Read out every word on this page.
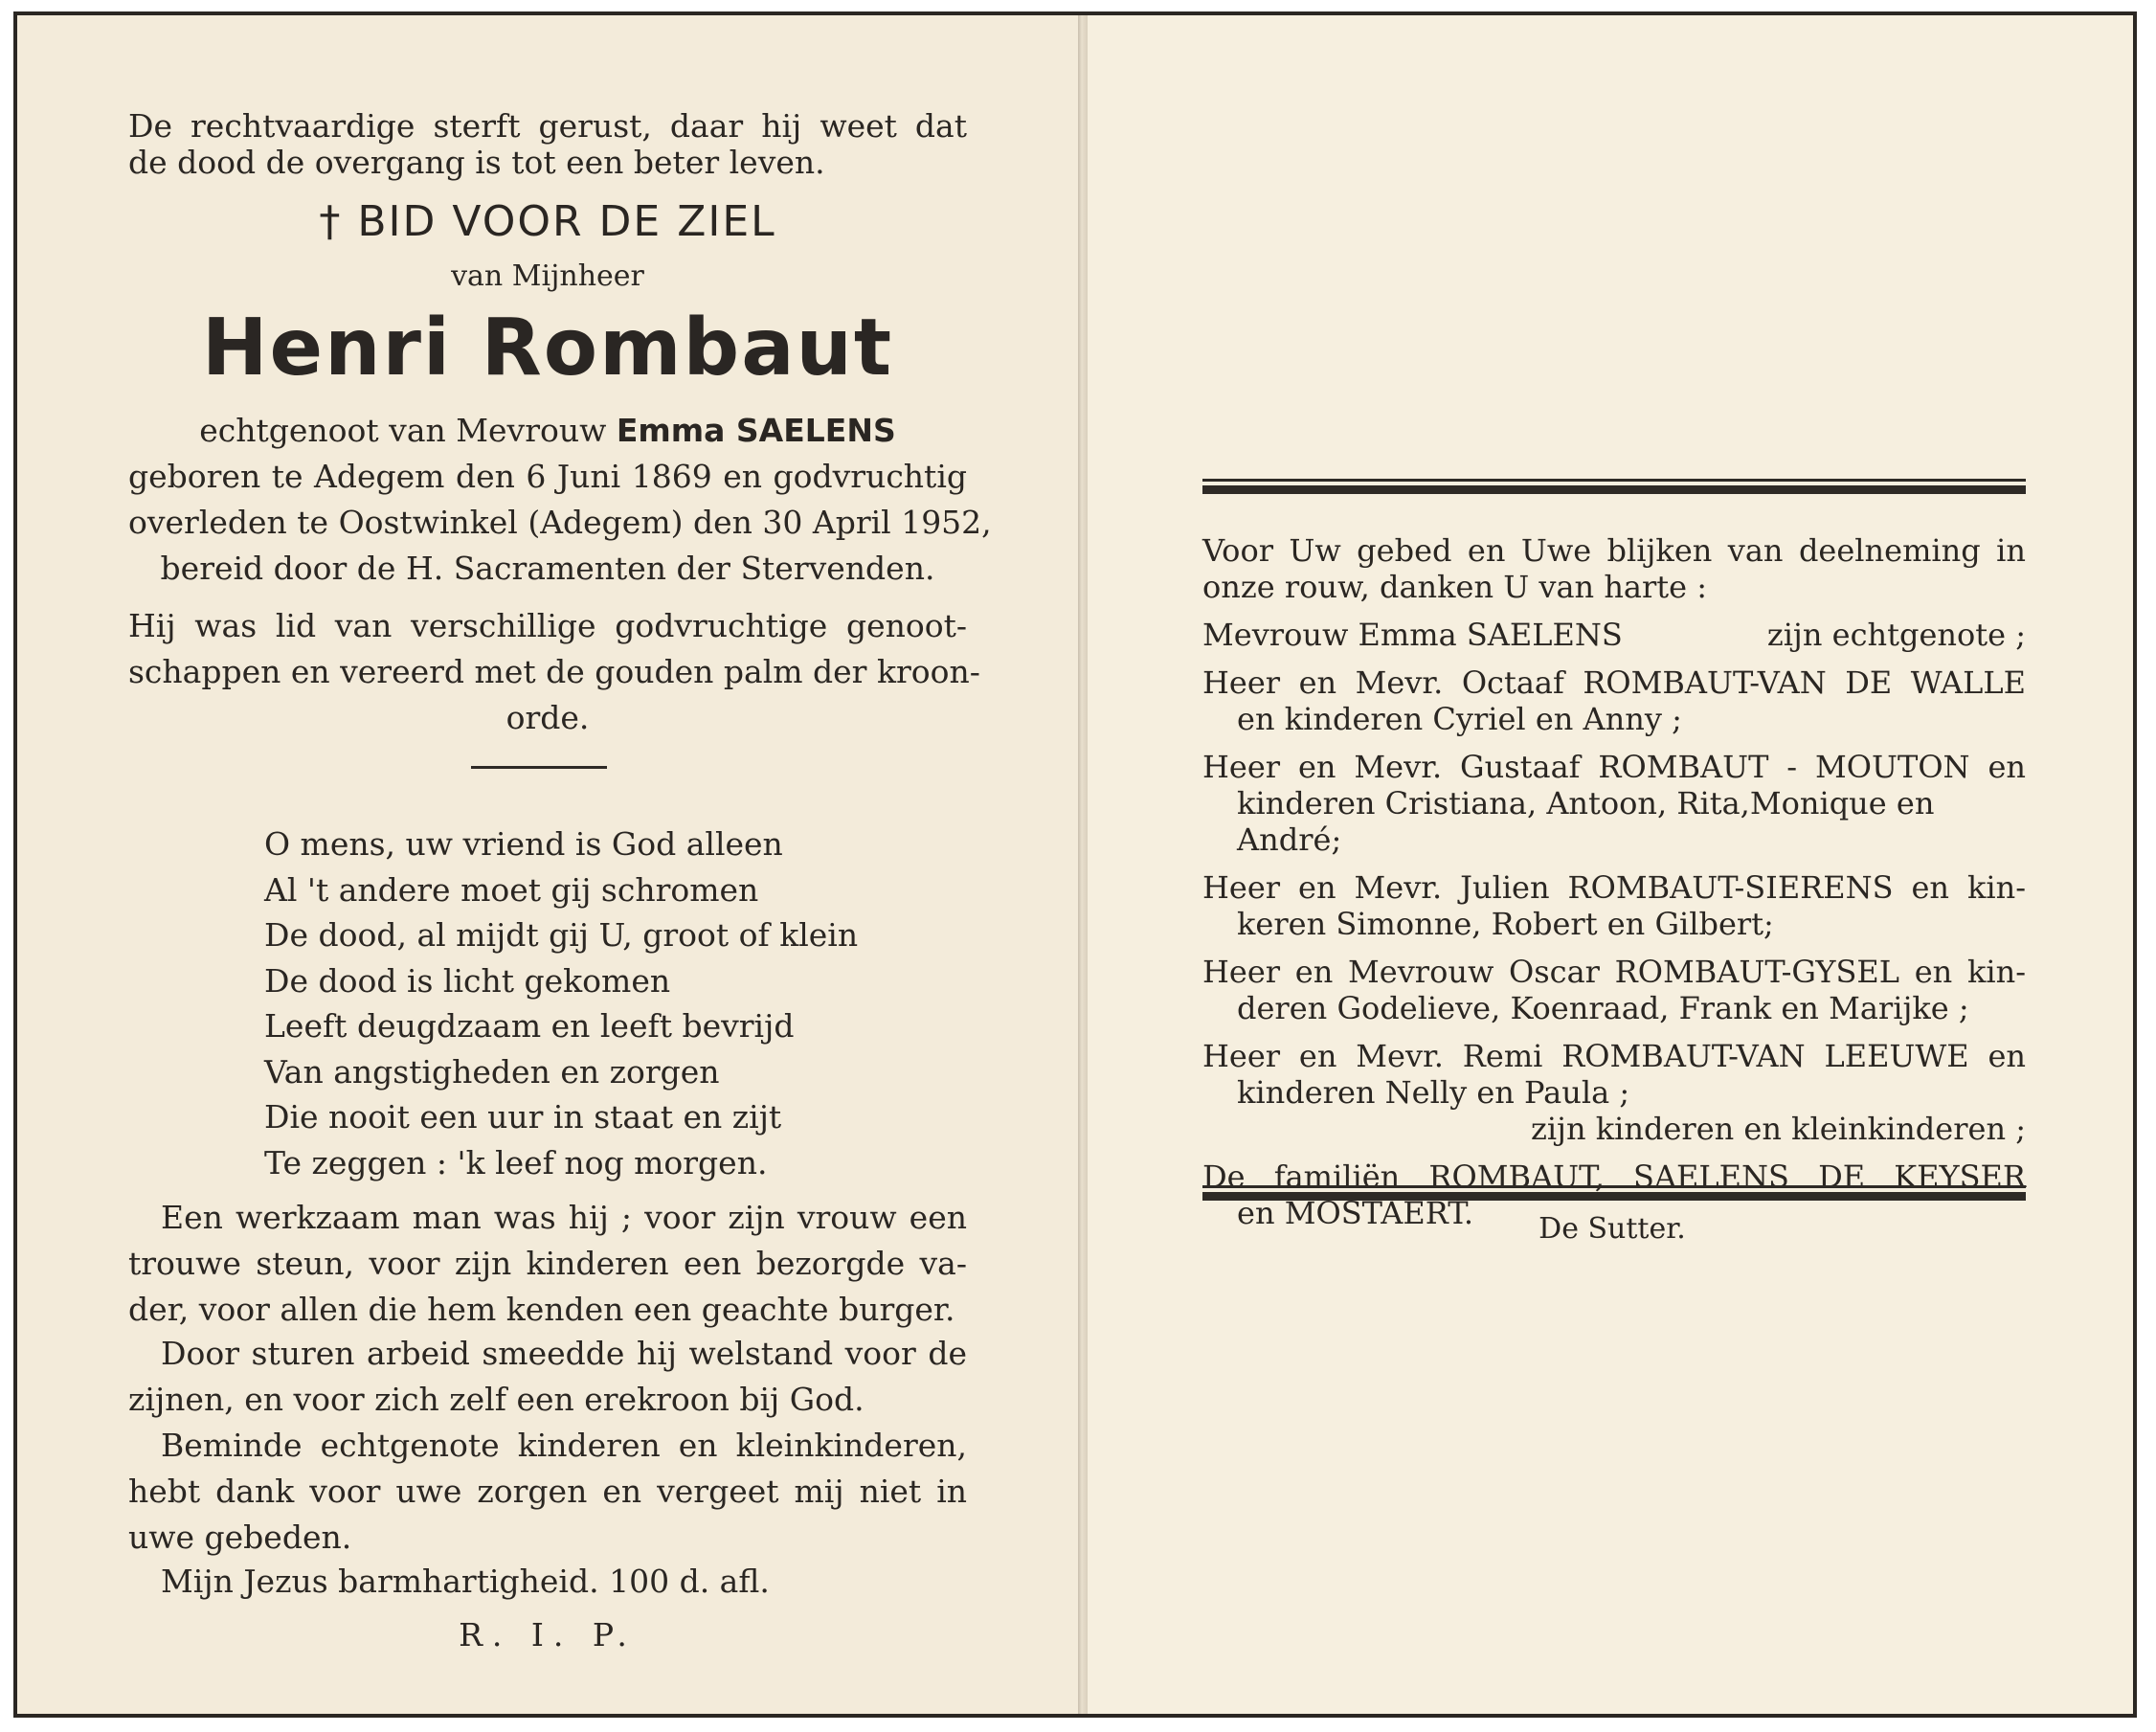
De rechtvaardige sterft gerust, daar hij weet dat
de dood de overgang is tot een beter leven.
† BID VOOR DE ZIEL
van Mijnheer
Henri Rombaut
echtgenoot van Mevrouw Emma SAELENS
geboren te Adegem den 6 Juni 1869 en godvruchtig
overleden te Oostwinkel (Adegem) den 30 April 1952,
bereid door de H. Sacramenten der Stervenden.
Hij was lid van verschillige godvruchtige genoot-
schappen en vereerd met de gouden palm der kroon-
orde.
O mens, uw vriend is God alleen
Al 't andere moet gij schromen
De dood, al mijdt gij U, groot of klein
De dood is licht gekomen
Leeft deugdzaam en leeft bevrijd
Van angstigheden en zorgen
Die nooit een uur in staat en zijt
Te zeggen : 'k leef nog morgen.
Een werkzaam man was hij ; voor zijn vrouw een
trouwe steun, voor zijn kinderen een bezorgde va-
der, voor allen die hem kenden een geachte burger.
Door sturen arbeid smeedde hij welstand voor de
zijnen, en voor zich zelf een erekroon bij God.
Beminde echtgenote kinderen en kleinkinderen,
hebt dank voor uwe zorgen en vergeet mij niet in
uwe gebeden.
Mijn Jezus barmhartigheid. 100 d. afl.
R. I. P.
Voor Uw gebed en Uwe blijken van deelneming in
onze rouw, danken U van harte :
Mevrouw Emma SAELENS	zijn echtgenote ;
Heer en Mevr. Octaaf ROMBAUT-VAN DE WALLE
en kinderen Cyriel en Anny ;
Heer en Mevr. Gustaaf ROMBAUT - MOUTON en
kinderen Cristiana, Antoon, Rita,Monique en André;
Heer en Mevr. Julien ROMBAUT-SIERENS en kin-
keren Simonne, Robert en Gilbert;
Heer en Mevrouw Oscar ROMBAUT-GYSEL en kin-
deren Godelieve, Koenraad, Frank en Marijke ;
Heer en Mevr. Remi ROMBAUT-VAN LEEUWE en
kinderen Nelly en Paula ;
zijn kinderen en kleinkinderen ;
De familiën ROMBAUT, SAELENS DE KEYSER
en MOSTAERT.	De Sutter.
